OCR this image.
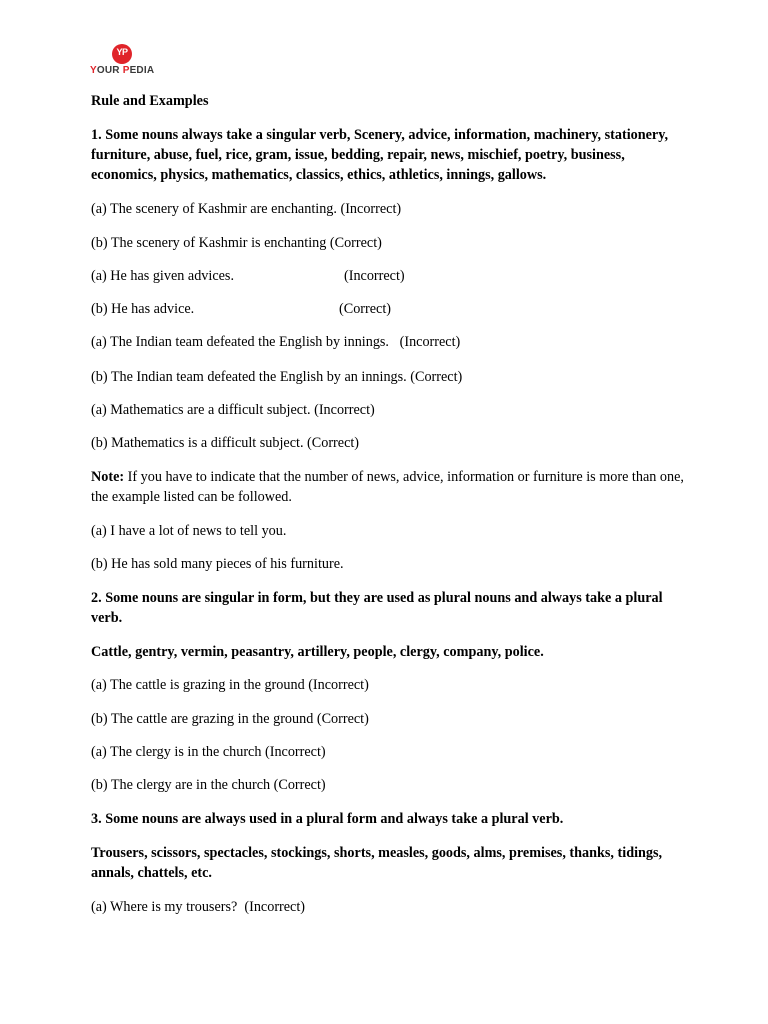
YP
YOUR PEDIA

Rule and Examples

1. Some nouns always take a singular verb, Scenery, advice, information, machinery, stationery, furniture, abuse, fuel, rice, gram, issue, bedding, repair, news, mischief, poetry, business, economics, physics, mathematics, classics, ethics, athletics, innings, gallows.

(a) The scenery of Kashmir are enchanting. (Incorrect)

(b) The scenery of Kashmir is enchanting (Correct)

(a) He has given advices.	(Incorrect)

(b) He has advice.	(Correct)

(a) The Indian team defeated the English by innings.   (Incorrect)

(b) The Indian team defeated the English by an innings. (Correct)

(a) Mathematics are a difficult subject. (Incorrect)

(b) Mathematics is a difficult subject. (Correct)

Note: If you have to indicate that the number of news, advice, information or furniture is more than one, the example listed can be followed.

(a) I have a lot of news to tell you.

(b) He has sold many pieces of his furniture.

2. Some nouns are singular in form, but they are used as plural nouns and always take a plural verb.

Cattle, gentry, vermin, peasantry, artillery, people, clergy, company, police.

(a) The cattle is grazing in the ground (Incorrect)

(b) The cattle are grazing in the ground (Correct)

(a) The clergy is in the church (Incorrect)

(b) The clergy are in the church (Correct)

3. Some nouns are always used in a plural form and always take a plural verb.

Trousers, scissors, spectacles, stockings, shorts, measles, goods, alms, premises, thanks, tidings, annals, chattels, etc.

(a) Where is my trousers?  (Incorrect)
